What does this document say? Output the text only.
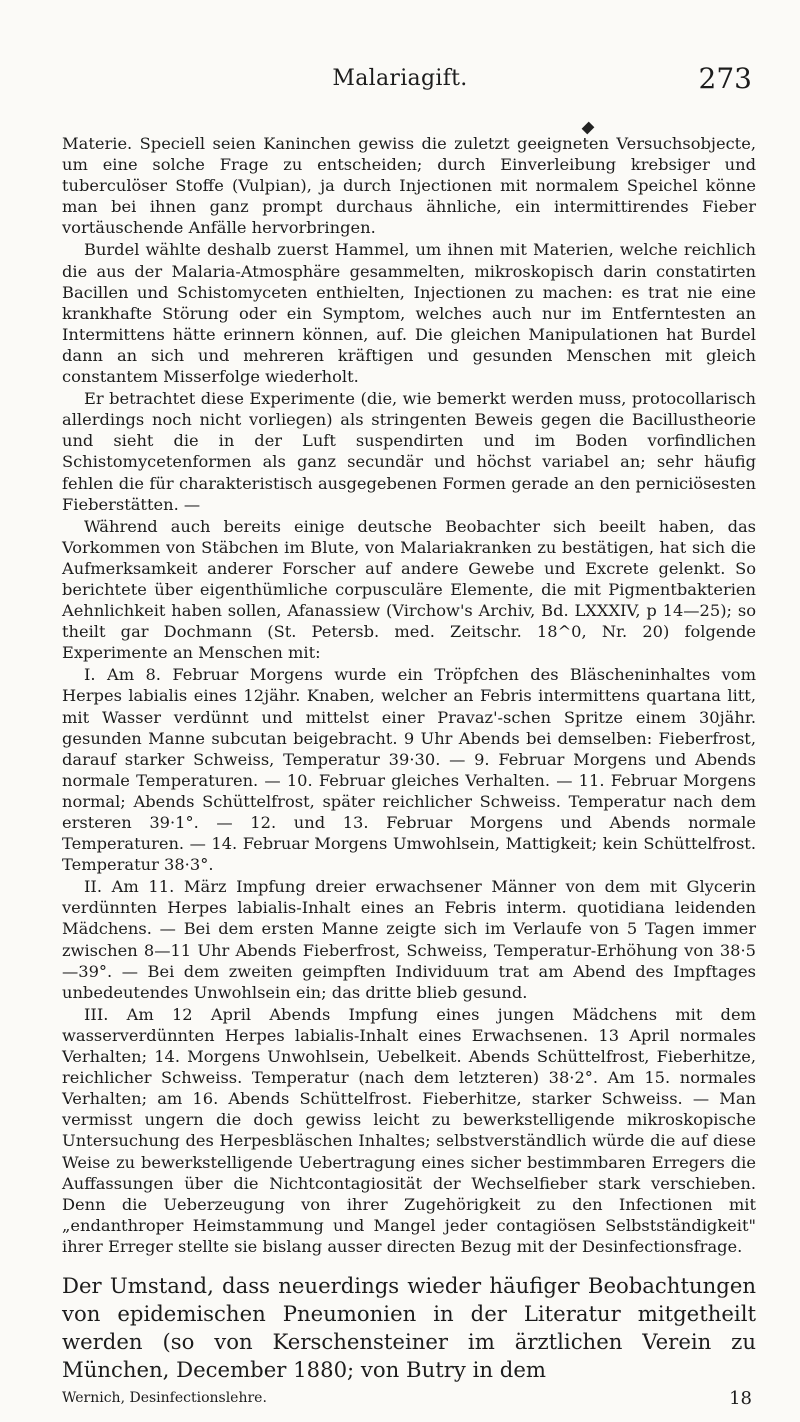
Malariagift.	273

Materie. Speciell seien Kaninchen gewiss die zuletzt geeigneten Versuchsobjecte, um eine solche Frage zu entscheiden; durch Einverleibung krebsiger und tuberculöser Stoffe (Vulpian), ja durch Injectionen mit normalem Speichel könne man bei ihnen ganz prompt durchaus ähnliche, ein intermittirendes Fieber vortäuschende Anfälle hervorbringen.

Burdel wählte deshalb zuerst Hammel, um ihnen mit Materien, welche reichlich die aus der Malaria-Atmosphäre gesammelten, mikroskopisch darin constatirten Bacillen und Schistomyceten enthielten, Injectionen zu machen: es trat nie eine krankhafte Störung oder ein Symptom, welches auch nur im Entferntesten an Intermittens hätte erinnern können, auf. Die gleichen Manipulationen hat Burdel dann an sich und mehreren kräftigen und gesunden Menschen mit gleich constantem Misserfolge wiederholt.

Er betrachtet diese Experimente (die, wie bemerkt werden muss, protocollarisch allerdings noch nicht vorliegen) als stringenten Beweis gegen die Bacillustheorie und sieht die in der Luft suspendirten und im Boden vorfindlichen Schistomycetenformen als ganz secundär und höchst variabel an; sehr häufig fehlen die für charakteristisch ausgegebenen Formen gerade an den perniciösesten Fieberstätten. —

Während auch bereits einige deutsche Beobachter sich beeilt haben, das Vorkommen von Stäbchen im Blute, von Malariakranken zu bestätigen, hat sich die Aufmerksamkeit anderer Forscher auf andere Gewebe und Excrete gelenkt. So berichtete über eigenthümliche corpusculäre Elemente, die mit Pigmentbakterien Aehnlichkeit haben sollen, Afanassiew (Virchow's Archiv, Bd. LXXXIV, p 14—25); so theilt gar Dochmann (St. Petersb. med. Zeitschr. 18^0, Nr. 20) folgende Experimente an Menschen mit:

I. Am 8. Februar Morgens wurde ein Tröpfchen des Bläscheninhaltes vom Herpes labialis eines 12jähr. Knaben, welcher an Febris intermittens quartana litt, mit Wasser verdünnt und mittelst einer Pravaz'-schen Spritze einem 30jähr. gesunden Manne subcutan beigebracht. 9 Uhr Abends bei demselben: Fieberfrost, darauf starker Schweiss, Temperatur 39·30. — 9. Februar Morgens und Abends normale Temperaturen. — 10. Februar gleiches Verhalten. — 11. Februar Morgens normal; Abends Schüttelfrost, später reichlicher Schweiss. Temperatur nach dem ersteren 39·1°. — 12. und 13. Februar Morgens und Abends normale Temperaturen. — 14. Februar Morgens Umwohlsein, Mattigkeit; kein Schüttelfrost. Temperatur 38·3°.

II. Am 11. März Impfung dreier erwachsener Männer von dem mit Glycerin verdünnten Herpes labialis-Inhalt eines an Febris interm. quotidiana leidenden Mädchens. — Bei dem ersten Manne zeigte sich im Verlaufe von 5 Tagen immer zwischen 8—11 Uhr Abends Fieberfrost, Schweiss, Temperatur-Erhöhung von 38·5—39°. — Bei dem zweiten geimpften Individuum trat am Abend des Impftages unbedeutendes Unwohlsein ein; das dritte blieb gesund.

III. Am 12 April Abends Impfung eines jungen Mädchens mit dem wasserverdünnten Herpes labialis-Inhalt eines Erwachsenen. 13 April normales Verhalten; 14. Morgens Unwohlsein, Uebelkeit. Abends Schüttelfrost, Fieberhitze, reichlicher Schweiss. Temperatur (nach dem letzteren) 38·2°. Am 15. normales Verhalten; am 16. Abends Schüttelfrost. Fieberhitze, starker Schweiss. — Man vermisst ungern die doch gewiss leicht zu bewerkstelligende mikroskopische Untersuchung des Herpesbläschen Inhaltes; selbstverständlich würde die auf diese Weise zu bewerkstelligende Uebertragung eines sicher bestimmbaren Erregers die Auffassungen über die Nichtcontagiosität der Wechselfieber stark verschieben. Denn die Ueberzeugung von ihrer Zugehörigkeit zu den Infectionen mit „endanthroper Heimstammung und Mangel jeder contagiösen Selbstständigkeit" ihrer Erreger stellte sie bislang ausser directen Bezug mit der Desinfectionsfrage.

Der Umstand, dass neuerdings wieder häufiger Beobachtungen von epidemischen Pneumonien in der Literatur mitgetheilt werden (so von Kerschensteiner im ärztlichen Verein zu München, December 1880; von Butry in dem
Wernich, Desinfectionslehre.	18
